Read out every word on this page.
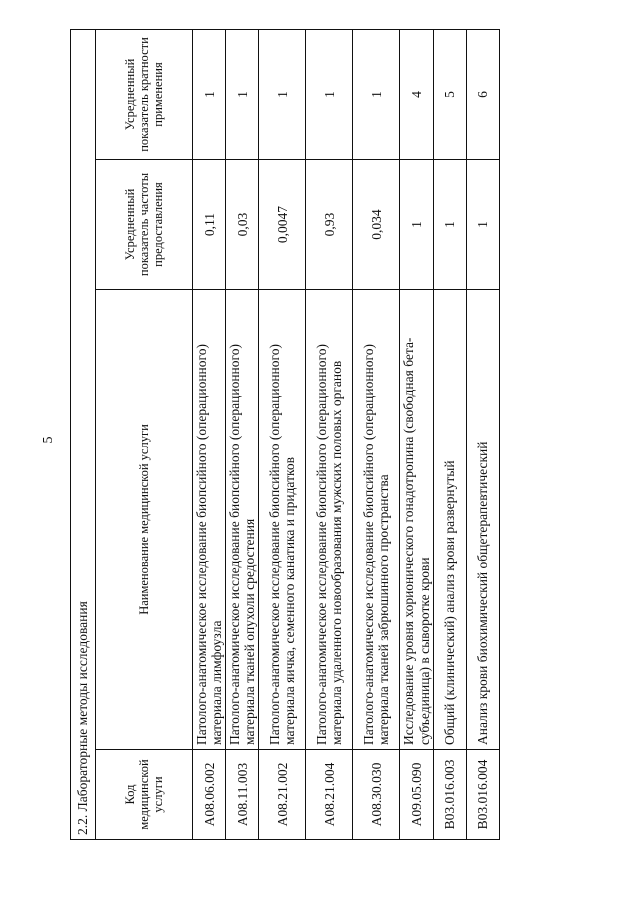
5
2.2. Лабораторные методы исследования			
Код медицинской услуги	Наименование медицинской услуги	Усредненный показатель частоты предоставления	Усредненный показатель кратности применения
A08.06.002	Патолого-анатомическое исследование биопсийного (операционного) материала лимфоузла	0,11	1
A08.11.003	Патолого-анатомическое исследование биопсийного (операционного) материала тканей опухоли средостения	0,03	1
A08.21.002	Патолого-анатомическое исследование биопсийного (операционного) материала яичка, семенного канатика и придатков	0,0047	1
A08.21.004	Патолого-анатомическое исследование биопсийного (операционного) материала удаленного новообразования мужских половых органов	0,93	1
A08.30.030	Патолого-анатомическое исследование биопсийного (операционного) материала тканей забрюшинного пространства	0,034	1
A09.05.090	Исследование уровня хорионического гонадотропина (свободная бета-субъединица) в сыворотке крови	1	4
B03.016.003	Общий (клинический) анализ крови развернутый	1	5
B03.016.004	Анализ крови биохимический общетерапевтический	1	6
